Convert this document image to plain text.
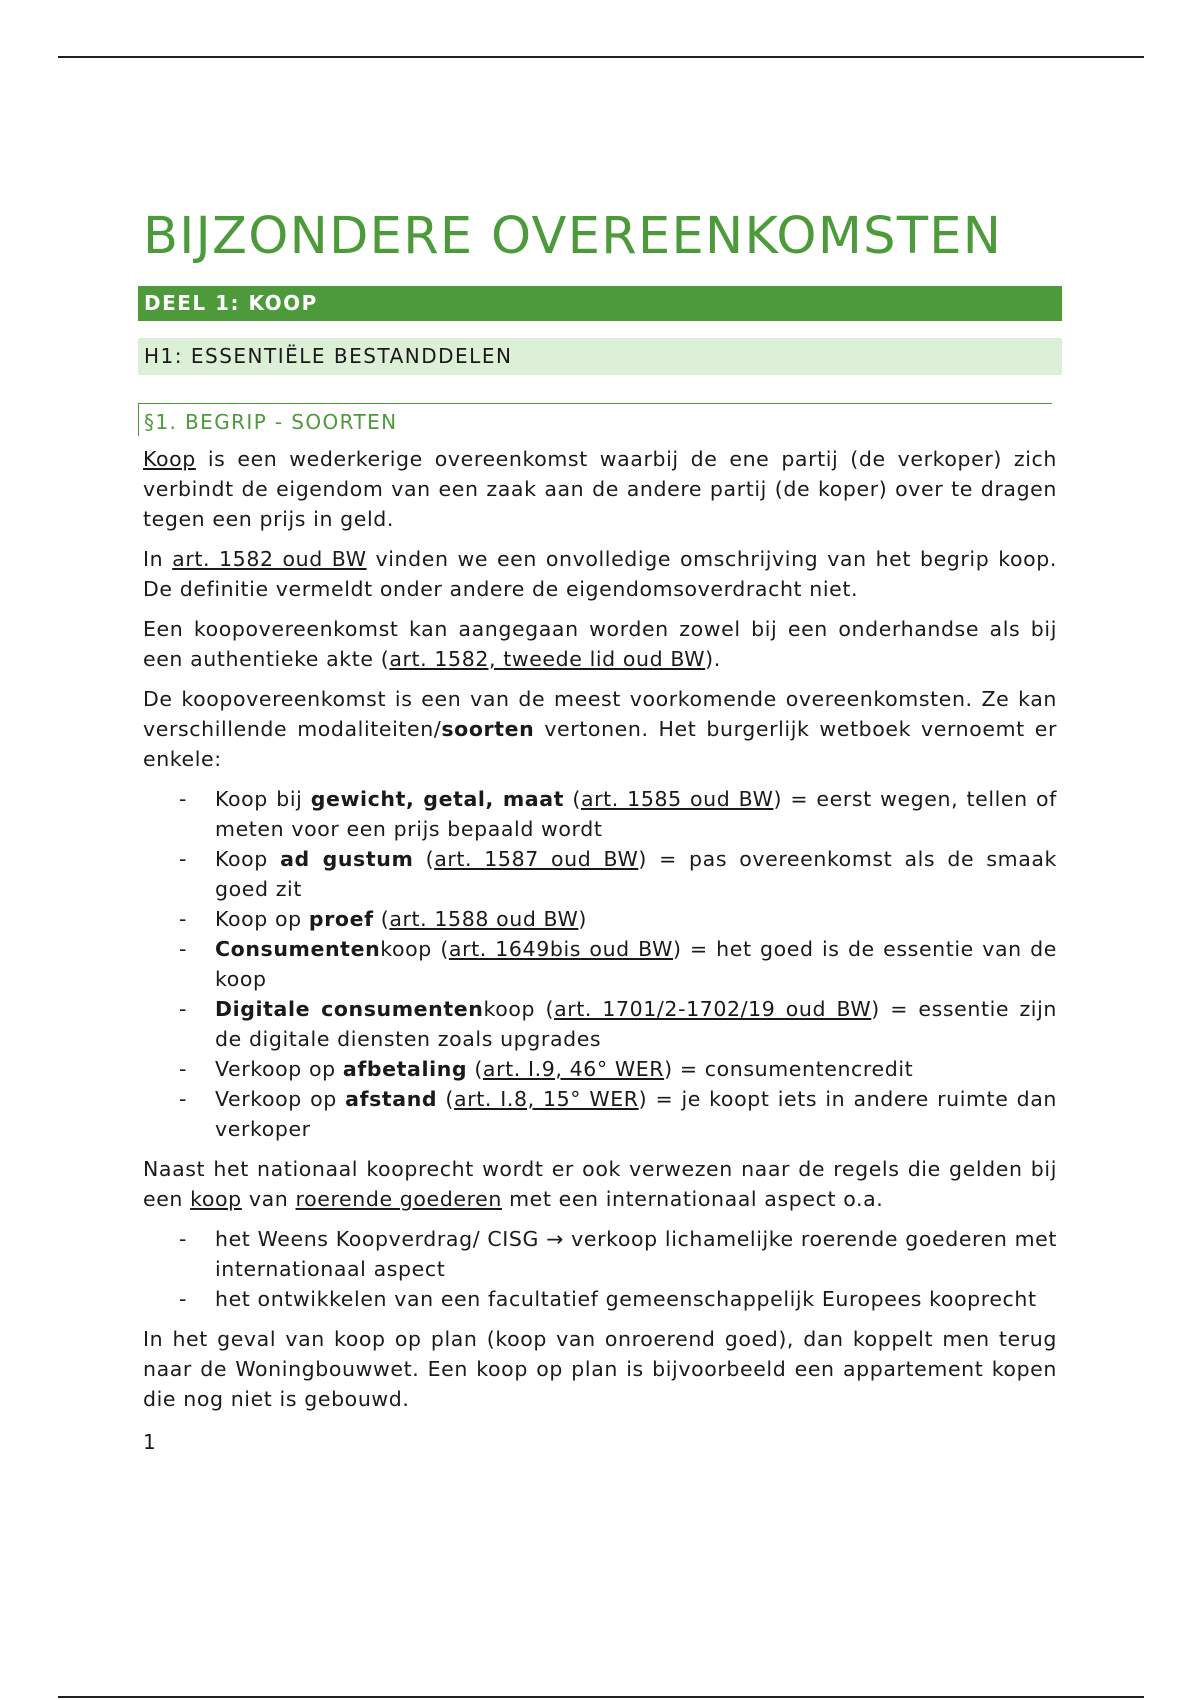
BIJZONDERE OVEREENKOMSTEN
DEEL 1: KOOP
H1: ESSENTIËLE BESTANDDELEN
§1. BEGRIP - SOORTEN

Koop is een wederkerige overeenkomst waarbij de ene partij (de verkoper) zich verbindt de eigendom van een zaak aan de andere partij (de koper) over te dragen tegen een prijs in geld.

In art. 1582 oud BW vinden we een onvolledige omschrijving van het begrip koop. De definitie vermeldt onder andere de eigendomsoverdracht niet.

Een koopovereenkomst kan aangegaan worden zowel bij een onderhandse als bij een authentieke akte (art. 1582, tweede lid oud BW).

De koopovereenkomst is een van de meest voorkomende overeenkomsten. Ze kan verschillende modaliteiten/soorten vertonen. Het burgerlijk wetboek vernoemt er enkele:

- Koop bij gewicht, getal, maat (art. 1585 oud BW) = eerst wegen, tellen of meten voor een prijs bepaald wordt
- Koop ad gustum (art. 1587 oud BW) = pas overeenkomst als de smaak goed zit
- Koop op proef (art. 1588 oud BW)
- Consumentenkoop (art. 1649bis oud BW) = het goed is de essentie van de koop
- Digitale consumentenkoop (art. 1701/2-1702/19 oud BW) = essentie zijn de digitale diensten zoals upgrades
- Verkoop op afbetaling (art. I.9, 46° WER) = consumentencredit
- Verkoop op afstand (art. I.8, 15° WER) = je koopt iets in andere ruimte dan verkoper

Naast het nationaal kooprecht wordt er ook verwezen naar de regels die gelden bij een koop van roerende goederen met een internationaal aspect o.a.

- het Weens Koopverdrag/ CISG → verkoop lichamelijke roerende goederen met internationaal aspect
- het ontwikkelen van een facultatief gemeenschappelijk Europees kooprecht

In het geval van koop op plan (koop van onroerend goed), dan koppelt men terug naar de Woningbouwwet. Een koop op plan is bijvoorbeeld een appartement kopen die nog niet is gebouwd.

1
